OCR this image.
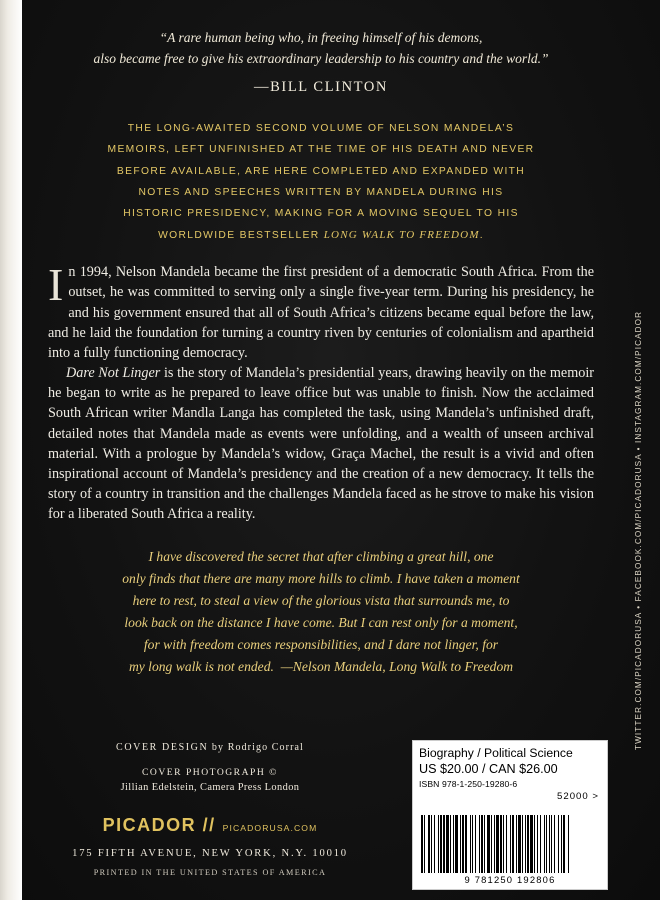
“A rare human being who, in freeing himself of his demons,
also became free to give his extraordinary leadership to his country and the world.”
—BILL CLINTON
THE LONG-AWAITED SECOND VOLUME OF NELSON MANDELA’S
MEMOIRS, LEFT UNFINISHED AT THE TIME OF HIS DEATH AND NEVER
BEFORE AVAILABLE, ARE HERE COMPLETED AND EXPANDED WITH
NOTES AND SPEECHES WRITTEN BY MANDELA DURING HIS
HISTORIC PRESIDENCY, MAKING FOR A MOVING SEQUEL TO HIS
WORLDWIDE BESTSELLER LONG WALK TO FREEDOM.

In 1994, Nelson Mandela became the first president of a democratic South Africa. From the outset, he was committed to serving only a single five-year term. During his presidency, he and his government ensured that all of South Africa’s citizens became equal before the law, and he laid the foundation for turning a country riven by centuries of colonialism and apartheid into a fully functioning democracy.

Dare Not Linger is the story of Mandela’s presidential years, drawing heavily on the memoir he began to write as he prepared to leave office but was unable to finish. Now the acclaimed South African writer Mandla Langa has completed the task, using Mandela’s unfinished draft, detailed notes that Mandela made as events were unfolding, and a wealth of unseen archival material. With a prologue by Mandela’s widow, Graça Machel, the result is a vivid and often inspirational account of Mandela’s presidency and the creation of a new democracy. It tells the story of a country in transition and the challenges Mandela faced as he strove to make his vision for a liberated South Africa a reality.

I have discovered the secret that after climbing a great hill, one
only finds that there are many more hills to climb. I have taken a moment
here to rest, to steal a view of the glorious vista that surrounds me, to
look back on the distance I have come. But I can rest only for a moment,
for with freedom comes responsibilities, and I dare not linger, for
my long walk is not ended. —Nelson Mandela, Long Walk to Freedom
COVER DESIGN by Rodrigo Corral
COVER PHOTOGRAPH ©
Jillian Edelstein, Camera Press London
PICADOR // PICADORUSA.COM
175 FIFTH AVENUE, NEW YORK, N.Y. 10010
PRINTED IN THE UNITED STATES OF AMERICA
Biography / Political Science
US $20.00 / CAN $26.00
ISBN 978-1-250-19280-6
52000 >
9 781250 192806
TWITTER.COM/PICADORUSA • FACEBOOK.COM/PICADORUSA • INSTAGRAM.COM/PICADOR
